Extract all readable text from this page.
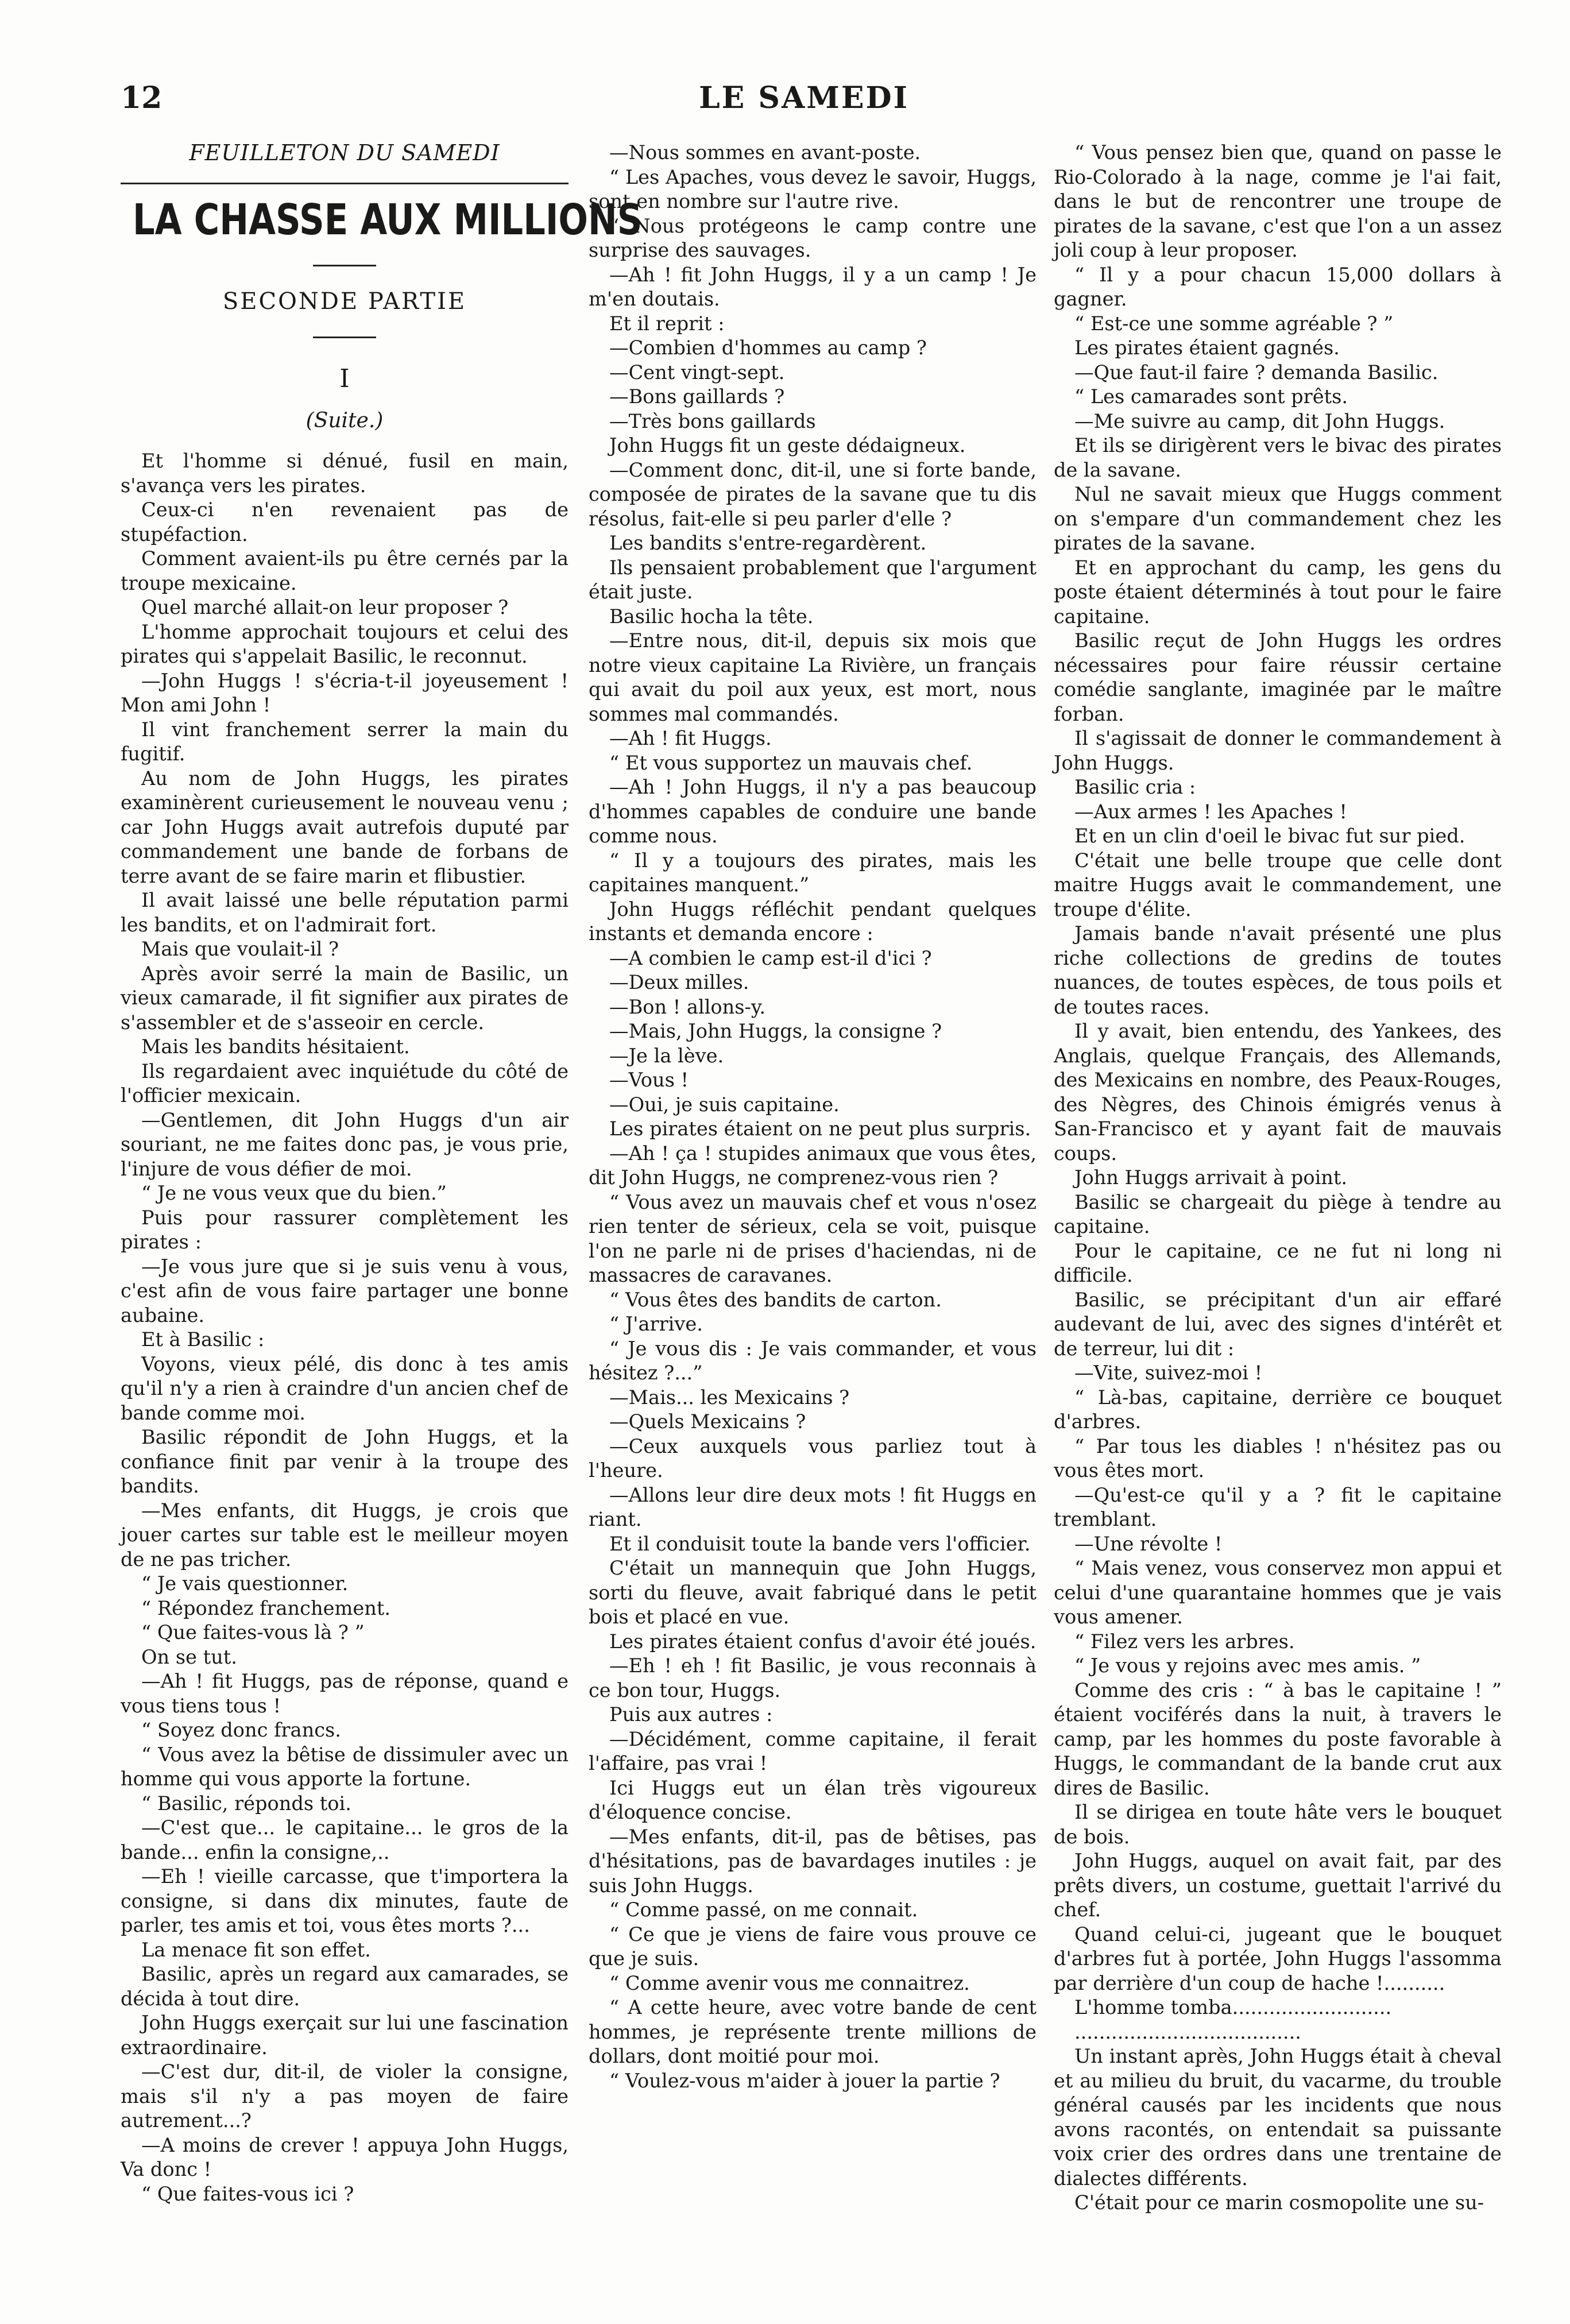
12	LE SAMEDI
FEUILLETON DU SAMEDI
LA CHASSE AUX MILLIONS
SECONDE PARTIE
I
(Suite.)

Et l'homme si dénué, fusil en main, s'avança vers les pirates.

Ceux-ci n'en revenaient pas de stupéfaction.

Comment avaient-ils pu être cernés par la troupe mexicaine.

Quel marché allait-on leur proposer ?

L'homme approchait toujours et celui des pirates qui s'appelait Basilic, le reconnut.

—John Huggs ! s'écria-t-il joyeusement ! Mon ami John !

Il vint franchement serrer la main du fugitif.

Au nom de John Huggs, les pirates examinèrent curieusement le nouveau venu ; car John Huggs avait autrefois duputé par commandement une bande de forbans de terre avant de se faire marin et flibustier.

Il avait laissé une belle réputation parmi les bandits, et on l'admirait fort.

Mais que voulait-il ?

Après avoir serré la main de Basilic, un vieux camarade, il fit signifier aux pirates de s'assembler et de s'asseoir en cercle.

Mais les bandits hésitaient.

Ils regardaient avec inquiétude du côté de l'officier mexicain.

—Gentlemen, dit John Huggs d'un air souriant, ne me faites donc pas, je vous prie, l'injure de vous défier de moi.

“ Je ne vous veux que du bien.”

Puis pour rassurer complètement les pirates :

—Je vous jure que si je suis venu à vous, c'est afin de vous faire partager une bonne aubaine.

Et à Basilic :

Voyons, vieux pélé, dis donc à tes amis qu'il n'y a rien à craindre d'un ancien chef de bande comme moi.

Basilic répondit de John Huggs, et la confiance finit par venir à la troupe des bandits.

—Mes enfants, dit Huggs, je crois que jouer cartes sur table est le meilleur moyen de ne pas tricher.

“ Je vais questionner.

“ Répondez franchement.

“ Que faites-vous là ? ”

On se tut.

—Ah ! fit Huggs, pas de réponse, quand e vous tiens tous !

“ Soyez donc francs.

“ Vous avez la bêtise de dissimuler avec un homme qui vous apporte la fortune.

“ Basilic, réponds toi.

—C'est que... le capitaine... le gros de la bande... enfin la consigne,..

—Eh ! vieille carcasse, que t'importera la consigne, si dans dix minutes, faute de parler, tes amis et toi, vous êtes morts ?...

La menace fit son effet.

Basilic, après un regard aux camarades, se décida à tout dire.

John Huggs exerçait sur lui une fascination extraordinaire.

—C'est dur, dit-il, de violer la consigne, mais s'il n'y a pas moyen de faire autrement...?

—A moins de crever ! appuya John Huggs, Va donc !

“ Que faites-vous ici ?

—Nous sommes en avant-poste.

“ Les Apaches, vous devez le savoir, Huggs, sont en nombre sur l'autre rive.

“ Nous protégeons le camp contre une surprise des sauvages.

—Ah ! fit John Huggs, il y a un camp ! Je m'en doutais.

Et il reprit :

—Combien d'hommes au camp ?

—Cent vingt-sept.

—Bons gaillards ?

—Très bons gaillards

John Huggs fit un geste dédaigneux.

—Comment donc, dit-il, une si forte bande, composée de pirates de la savane que tu dis résolus, fait-elle si peu parler d'elle ?

Les bandits s'entre-regardèrent.

Ils pensaient probablement que l'argument était juste.

Basilic hocha la tête.

—Entre nous, dit-il, depuis six mois que notre vieux capitaine La Rivière, un français qui avait du poil aux yeux, est mort, nous sommes mal commandés.

—Ah ! fit Huggs.

“ Et vous supportez un mauvais chef.

—Ah ! John Huggs, il n'y a pas beaucoup d'hommes capables de conduire une bande comme nous.

“ Il y a toujours des pirates, mais les capitaines manquent.”

John Huggs réfléchit pendant quelques instants et demanda encore :

—A combien le camp est-il d'ici ?

—Deux milles.

—Bon ! allons-y.

—Mais, John Huggs, la consigne ?

—Je la lève.

—Vous !

—Oui, je suis capitaine.

Les pirates étaient on ne peut plus surpris.

—Ah ! ça ! stupides animaux que vous êtes, dit John Huggs, ne comprenez-vous rien ?

“ Vous avez un mauvais chef et vous n'osez rien tenter de sérieux, cela se voit, puisque l'on ne parle ni de prises d'haciendas, ni de massacres de caravanes.

“ Vous êtes des bandits de carton.

“ J'arrive.

“ Je vous dis : Je vais commander, et vous hésitez ?...”

—Mais... les Mexicains ?

—Quels Mexicains ?

—Ceux auxquels vous parliez tout à l'heure.

—Allons leur dire deux mots ! fit Huggs en riant.

Et il conduisit toute la bande vers l'officier.

C'était un mannequin que John Huggs, sorti du fleuve, avait fabriqué dans le petit bois et placé en vue.

Les pirates étaient confus d'avoir été joués.

—Eh ! eh ! fit Basilic, je vous reconnais à ce bon tour, Huggs.

Puis aux autres :

—Décidément, comme capitaine, il ferait l'affaire, pas vrai !

Ici Huggs eut un élan très vigoureux d'éloquence concise.

—Mes enfants, dit-il, pas de bêtises, pas d'hésitations, pas de bavardages inutiles : je suis John Huggs.

“ Comme passé, on me connait.

“ Ce que je viens de faire vous prouve ce que je suis.

“ Comme avenir vous me connaitrez.

“ A cette heure, avec votre bande de cent hommes, je représente trente millions de dollars, dont moitié pour moi.

“ Voulez-vous m'aider à jouer la partie ?

“ Vous pensez bien que, quand on passe le Rio-Colorado à la nage, comme je l'ai fait, dans le but de rencontrer une troupe de pirates de la savane, c'est que l'on a un assez joli coup à leur proposer.

“ Il y a pour chacun 15,000 dollars à gagner.

“ Est-ce une somme agréable ? ”

Les pirates étaient gagnés.

—Que faut-il faire ? demanda Basilic.

“ Les camarades sont prêts.

—Me suivre au camp, dit John Huggs.

Et ils se dirigèrent vers le bivac des pirates de la savane.

Nul ne savait mieux que Huggs comment on s'empare d'un commandement chez les pirates de la savane.

Et en approchant du camp, les gens du poste étaient déterminés à tout pour le faire capitaine.

Basilic reçut de John Huggs les ordres nécessaires pour faire réussir certaine comédie sanglante, imaginée par le maître forban.

Il s'agissait de donner le commandement à John Huggs.

Basilic cria :

—Aux armes ! les Apaches !

Et en un clin d'oeil le bivac fut sur pied.

C'était une belle troupe que celle dont maitre Huggs avait le commandement, une troupe d'élite.

Jamais bande n'avait présenté une plus riche collections de gredins de toutes nuances, de toutes espèces, de tous poils et de toutes races.

Il y avait, bien entendu, des Yankees, des Anglais, quelque Français, des Allemands, des Mexicains en nombre, des Peaux-Rouges, des Nègres, des Chinois émigrés venus à San-Francisco et y ayant fait de mauvais coups.

John Huggs arrivait à point.

Basilic se chargeait du piège à tendre au capitaine.

Pour le capitaine, ce ne fut ni long ni difficile.

Basilic, se précipitant d'un air effaré audevant de lui, avec des signes d'intérêt et de terreur, lui dit :

—Vite, suivez-moi !

“ Là-bas, capitaine, derrière ce bouquet d'arbres.

“ Par tous les diables ! n'hésitez pas ou vous êtes mort.

—Qu'est-ce qu'il y a ? fit le capitaine tremblant.

—Une révolte !

“ Mais venez, vous conservez mon appui et celui d'une quarantaine hommes que je vais vous amener.

“ Filez vers les arbres.

“ Je vous y rejoins avec mes amis. ”

Comme des cris : “ à bas le capitaine ! ” étaient vociférés dans la nuit, à travers le camp, par les hommes du poste favorable à Huggs, le commandant de la bande crut aux dires de Basilic.

Il se dirigea en toute hâte vers le bouquet de bois.

John Huggs, auquel on avait fait, par des prêts divers, un costume, guettait l'arrivé du chef.

Quand celui-ci, jugeant que le bouquet d'arbres fut à portée, John Huggs l'assomma par derrière d'un coup de hache !..........

L'homme tomba..........................

.....................................

Un instant après, John Huggs était à cheval et au milieu du bruit, du vacarme, du trouble général causés par les incidents que nous avons racontés, on entendait sa puissante voix crier des ordres dans une trentaine de dialectes différents.

C'était pour ce marin cosmopolite une su-
